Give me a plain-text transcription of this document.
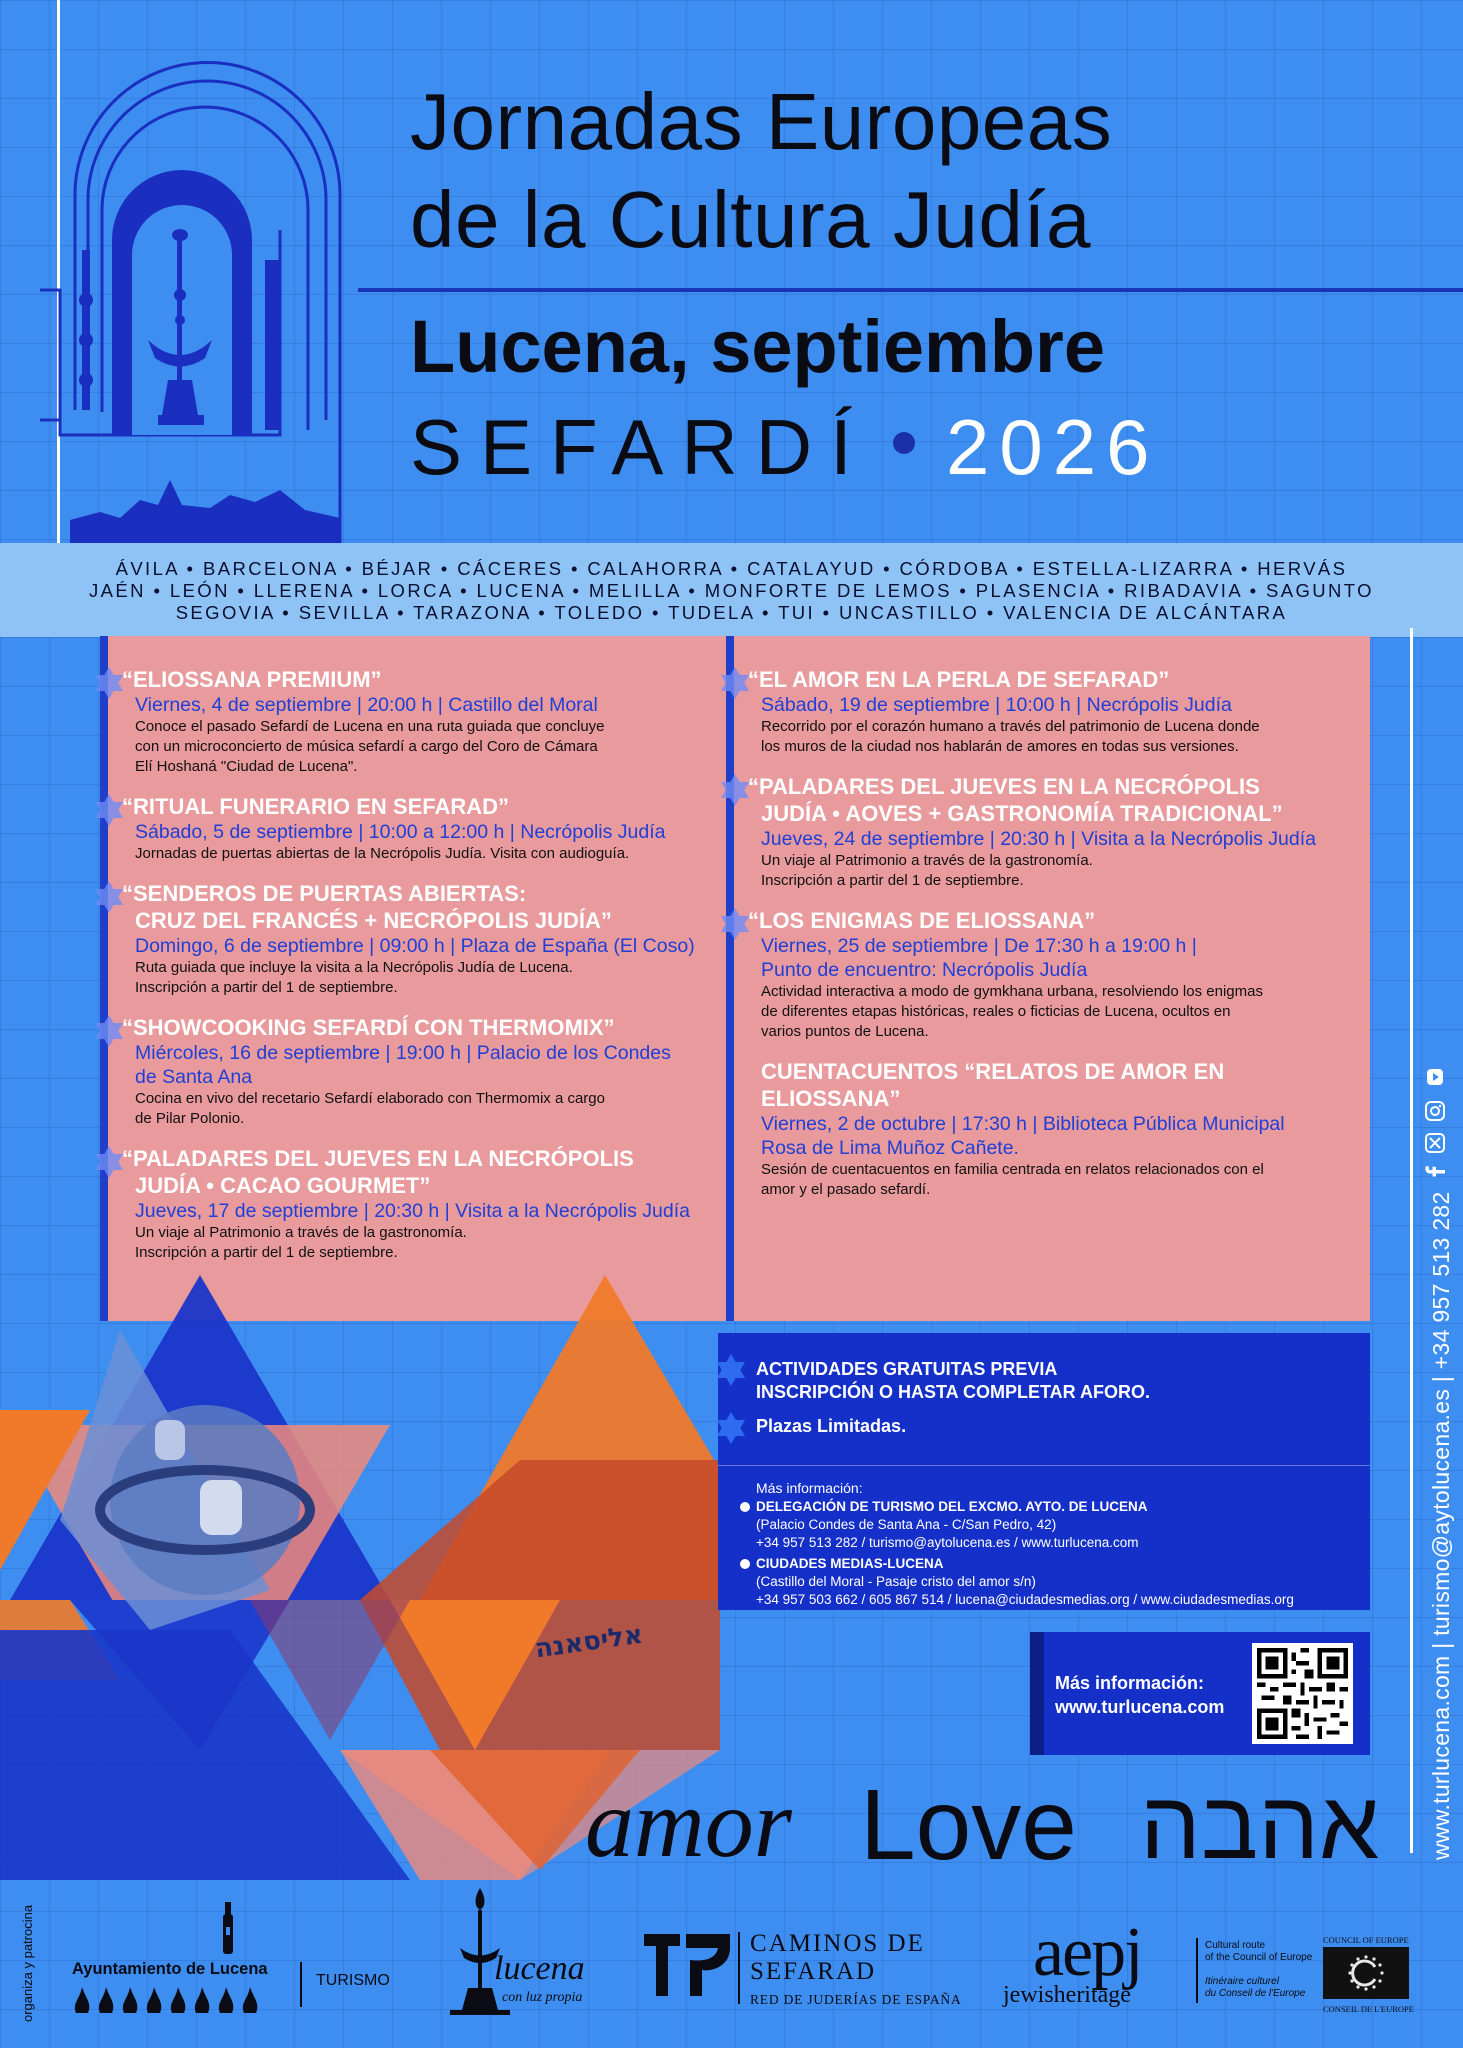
Jornadas Europeas
de la Cultura Judía
Lucena, septiembre
SEFARDÍ 2026
ÁVILA • BARCELONA • BÉJAR • CÁCERES • CALAHORRA • CATALAYUD • CÓRDOBA • ESTELLA-LIZARRA • HERVÁS
JAÉN • LEÓN • LLERENA • LORCA • LUCENA • MELILLA • MONFORTE DE LEMOS • PLASENCIA • RIBADAVIA • SAGUNTO
SEGOVIA • SEVILLA • TARAZONA • TOLEDO • TUDELA • TUI • UNCASTILLO • VALENCIA DE ALCÁNTARA
“ELIOSSANA PREMIUM”
Viernes, 4 de septiembre | 20:00 h | Castillo del Moral
Conoce el pasado Sefardí de Lucena en una ruta guiada que concluye
con un microconcierto de música sefardí a cargo del Coro de Cámara
Elí Hoshaná "Ciudad de Lucena".
“RITUAL FUNERARIO EN SEFARAD”
Sábado, 5 de septiembre | 10:00 a 12:00 h | Necrópolis Judía
Jornadas de puertas abiertas de la Necrópolis Judía. Visita con audioguía.
“SENDEROS DE PUERTAS ABIERTAS:
CRUZ DEL FRANCÉS + NECRÓPOLIS JUDÍA”
Domingo, 6 de septiembre | 09:00 h | Plaza de España (El Coso)
Ruta guiada que incluye la visita a la Necrópolis Judía de Lucena.
Inscripción a partir del 1 de septiembre.
“SHOWCOOKING SEFARDÍ CON THERMOMIX”
Miércoles, 16 de septiembre | 19:00 h | Palacio de los Condes
de Santa Ana
Cocina en vivo del recetario Sefardí elaborado con Thermomix a cargo
de Pilar Polonio.
“PALADARES DEL JUEVES EN LA NECRÓPOLIS
JUDÍA • CACAO GOURMET”
Jueves, 17 de septiembre | 20:30 h | Visita a la Necrópolis Judía
Un viaje al Patrimonio a través de la gastronomía.
Inscripción a partir del 1 de septiembre.
“EL AMOR EN LA PERLA DE SEFARAD”
Sábado, 19 de septiembre | 10:00 h | Necrópolis Judía
Recorrido por el corazón humano a través del patrimonio de Lucena donde
los muros de la ciudad nos hablarán de amores en todas sus versiones.
“PALADARES DEL JUEVES EN LA NECRÓPOLIS
JUDÍA • AOVES + GASTRONOMÍA TRADICIONAL”
Jueves, 24 de septiembre | 20:30 h | Visita a la Necrópolis Judía
Un viaje al Patrimonio a través de la gastronomía.
Inscripción a partir del 1 de septiembre.
“LOS ENIGMAS DE ELIOSSANA”
Viernes, 25 de septiembre | De 17:30 h a 19:00 h |
Punto de encuentro: Necrópolis Judía
Actividad interactiva a modo de gymkhana urbana, resolviendo los enigmas
de diferentes etapas históricas, reales o ficticias de Lucena, ocultos en
varios puntos de Lucena.
CUENTACUENTOS “RELATOS DE AMOR EN
ELIOSSANA”
Viernes, 2 de octubre | 17:30 h | Biblioteca Pública Municipal
Rosa de Lima Muñoz Cañete.
Sesión de cuentacuentos en familia centrada en relatos relacionados con el
amor y el pasado sefardí.
אליסאנה
ACTIVIDADES GRATUITAS PREVIA
INSCRIPCIÓN O HASTA COMPLETAR AFORO.
Plazas Limitadas.
Más información:
DELEGACIÓN DE TURISMO DEL EXCMO. AYTO. DE LUCENA
(Palacio Condes de Santa Ana - C/San Pedro, 42)
+34 957 513 282 / turismo@aytolucena.es / www.turlucena.com
CIUDADES MEDIAS-LUCENA
(Castillo del Moral - Pasaje cristo del amor s/n)
+34 957 503 662 / 605 867 514 / lucena@ciudadesmedias.org / www.ciudadesmedias.org
Más información:
www.turlucena.com
amor Love אהבה www.turlucena.com | turismo@aytolucena.es | +34 957 513 282
organiza y patrocina Ayuntamiento de Lucena
TURISMO	lucena
con luz propia
CAMINOS DE
SEFARAD
RED DE JUDERÍAS DE ESPAÑA
aepj
jewisheritage
Cultural route
of the Council of Europe
Itinéraire culturel
du Conseil de l'Europe
COUNCIL OF EUROPE
CONSEIL DE L'EUROPE
